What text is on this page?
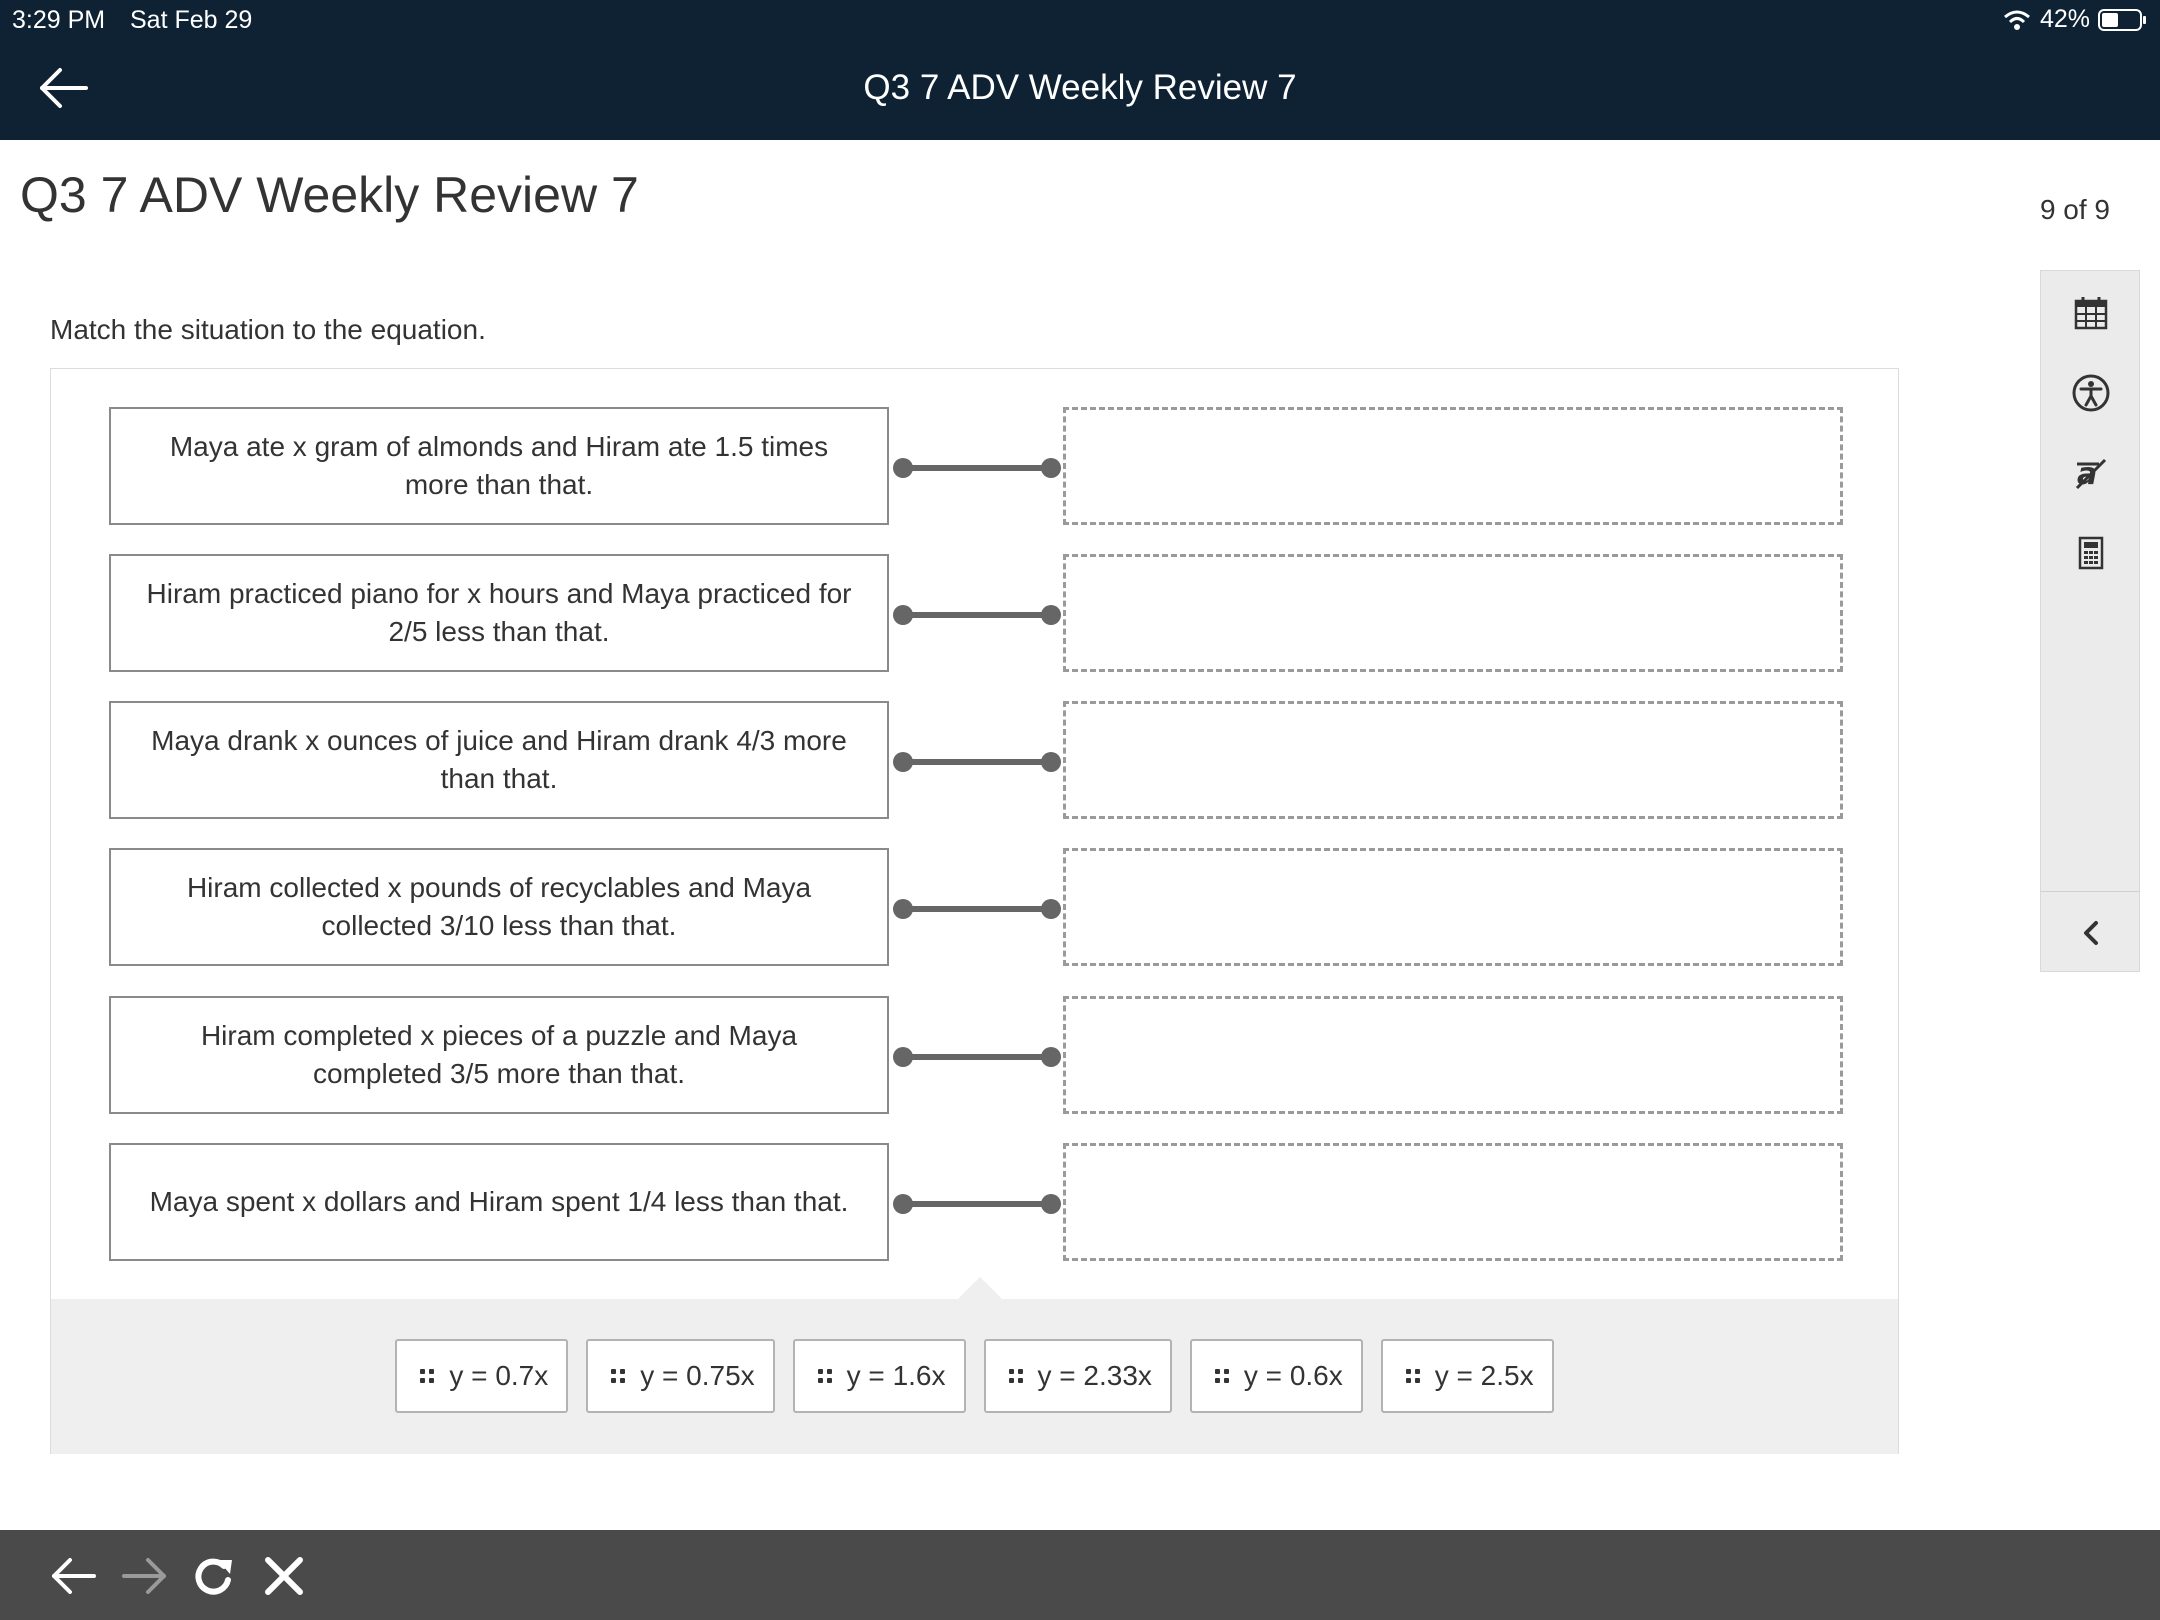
3:29 PM Sat Feb 29	42%
Q3 7 ADV Weekly Review 7
Q3 7 ADV Weekly Review 7	9 of 9
a
Match the situation to the equation.
Maya ate x gram of almonds and Hiram ate 1.5 times more than that.
Hiram practiced piano for x hours and Maya practiced for 2/5 less than that.
Maya drank x ounces of juice and Hiram drank 4/3 more than that.
Hiram collected x pounds of recyclables and Maya collected 3/10 less than that.
Hiram completed x pieces of a puzzle and Maya completed 3/5 more than that.
Maya spent x dollars and Hiram spent 1/4 less than that.
y = 0.7x	y = 0.75x	y = 1.6x	y = 2.33x	y = 0.6x	y = 2.5x
